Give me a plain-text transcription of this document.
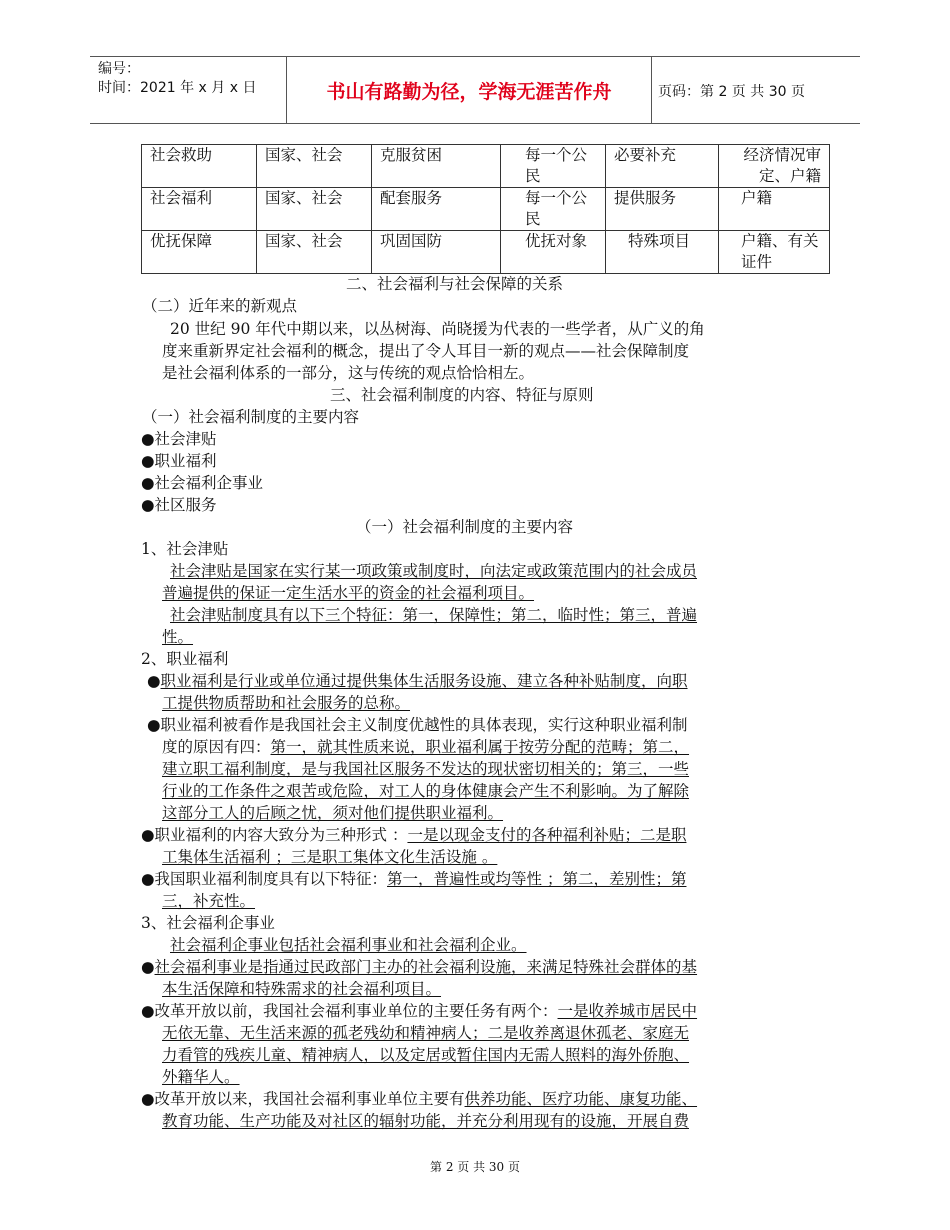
编号：
时间：2021 年 x 月 x 日	书山有路勤为径，学海无涯苦作舟	页码：第 2 页 共 30 页
社会救助	国家、社会	克服贫困	每一个公民	必要补充	经济情况审定、户籍
社会福利	国家、社会	配套服务	每一个公民	提供服务	户籍
优抚保障	国家、社会	巩固国防	优抚对象	特殊项目	户籍、有关证件
二、社会福利与社会保障的关系
（二）近年来的新观点
20 世纪 90 年代中期以来，以丛树海、尚晓援为代表的一些学者，从广义的角
度来重新界定社会福利的概念，提出了令人耳目一新的观点——社会保障制度
是社会福利体系的一部分，这与传统的观点恰恰相左。
三、社会福利制度的内容、特征与原则
（一）社会福利制度的主要内容
●社会津贴
●职业福利
●社会福利企事业
●社区服务
（一）社会福利制度的主要内容
1、社会津贴
社会津贴是国家在实行某一项政策或制度时，向法定或政策范围内的社会成员
普遍提供的保证一定生活水平的资金的社会福利项目。
社会津贴制度具有以下三个特征：第一，保障性；第二，临时性；第三，普遍
性。
2、职业福利
●职业福利是行业或单位通过提供集体生活服务设施、建立各种补贴制度，向职
工提供物质帮助和社会服务的总称。
●职业福利被看作是我国社会主义制度优越性的具体表现，实行这种职业福利制
度的原因有四：第一，就其性质来说，职业福利属于按劳分配的范畴；第二，
建立职工福利制度，是与我国社区服务不发达的现状密切相关的；第三，一些
行业的工作条件之艰苦或危险，对工人的身体健康会产生不利影响。为了解除
这部分工人的后顾之忧，须对他们提供职业福利。
●职业福利的内容大致分为三种形式 ：一是以现金支付的各种福利补贴；二是职
工集体生活福利 ；三是职工集体文化生活设施 。
●我国职业福利制度具有以下特征：第一，普遍性或均等性 ；第二，差别性；第
三，补充性。
3、社会福利企事业
社会福利企事业包括社会福利事业和社会福利企业。
●社会福利事业是指通过民政部门主办的社会福利设施，来满足特殊社会群体的基
本生活保障和特殊需求的社会福利项目。
●改革开放以前，我国社会福利事业单位的主要任务有两个：一是收养城市居民中
无依无靠、无生活来源的孤老残幼和精神病人；二是收养离退休孤老、家庭无
力看管的残疾儿童、精神病人，以及定居或暂住国内无需人照料的海外侨胞、
外籍华人。
●改革开放以来，我国社会福利事业单位主要有供养功能、医疗功能、康复功能、
教育功能、生产功能及对社区的辐射功能，并充分利用现有的设施，开展自费
第 2 页 共 30 页
